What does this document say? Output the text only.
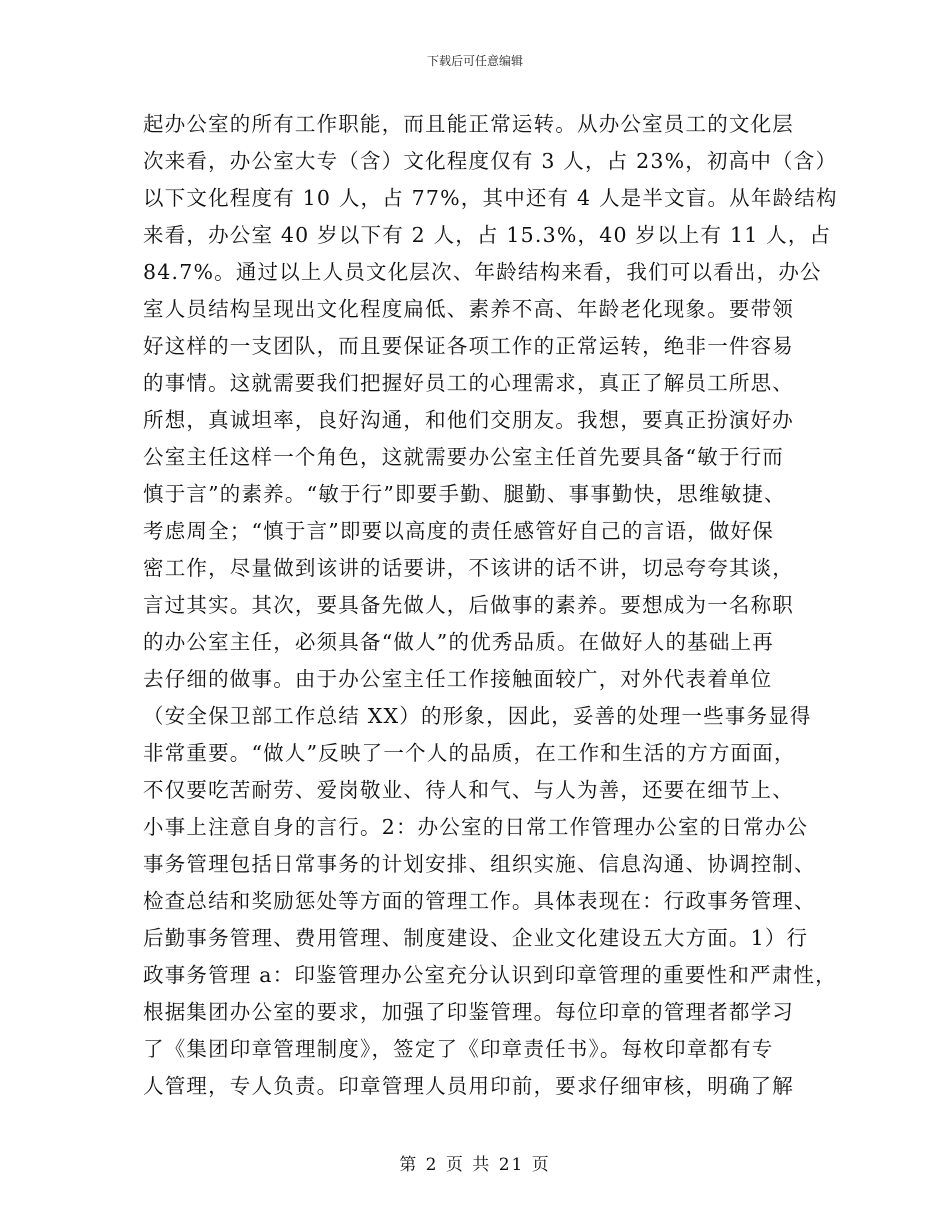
下载后可任意编辑
起办公室的所有工作职能，而且能正常运转。从办公室员工的文化层
次来看，办公室大专（含）文化程度仅有 3 人，占 23%，初高中（含）
以下文化程度有 10 人，占 77%，其中还有 4 人是半文盲。从年龄结构
来看，办公室 40 岁以下有 2 人，占 15.3%，40 岁以上有 11 人，占
84.7%。通过以上人员文化层次、年龄结构来看，我们可以看出，办公
室人员结构呈现出文化程度扁低、素养不高、年龄老化现象。要带领
好这样的一支团队，而且要保证各项工作的正常运转，绝非一件容易
的事情。这就需要我们把握好员工的心理需求，真正了解员工所思、
所想，真诚坦率，良好沟通，和他们交朋友。我想，要真正扮演好办
公室主任这样一个角色，这就需要办公室主任首先要具备“敏于行而
慎于言”的素养。“敏于行”即要手勤、腿勤、事事勤快，思维敏捷、
考虑周全；“慎于言”即要以高度的责任感管好自己的言语，做好保
密工作，尽量做到该讲的话要讲，不该讲的话不讲，切忌夸夸其谈，
言过其实。其次，要具备先做人，后做事的素养。要想成为一名称职
的办公室主任，必须具备“做人”的优秀品质。在做好人的基础上再
去仔细的做事。由于办公室主任工作接触面较广，对外代表着单位
（安全保卫部工作总结 XX）的形象，因此，妥善的处理一些事务显得
非常重要。“做人”反映了一个人的品质，在工作和生活的方方面面，
不仅要吃苦耐劳、爱岗敬业、待人和气、与人为善，还要在细节上、
小事上注意自身的言行。2：办公室的日常工作管理办公室的日常办公
事务管理包括日常事务的计划安排、组织实施、信息沟通、协调控制、
检查总结和奖励惩处等方面的管理工作。具体表现在：行政事务管理、
后勤事务管理、费用管理、制度建设、企业文化建设五大方面。1）行
政事务管理 a：印鉴管理办公室充分认识到印章管理的重要性和严肃性，
根据集团办公室的要求，加强了印鉴管理。每位印章的管理者都学习
了《集团印章管理制度》，签定了《印章责任书》。每枚印章都有专
人管理，专人负责。印章管理人员用印前，要求仔细审核，明确了解
第 2 页 共 21 页
